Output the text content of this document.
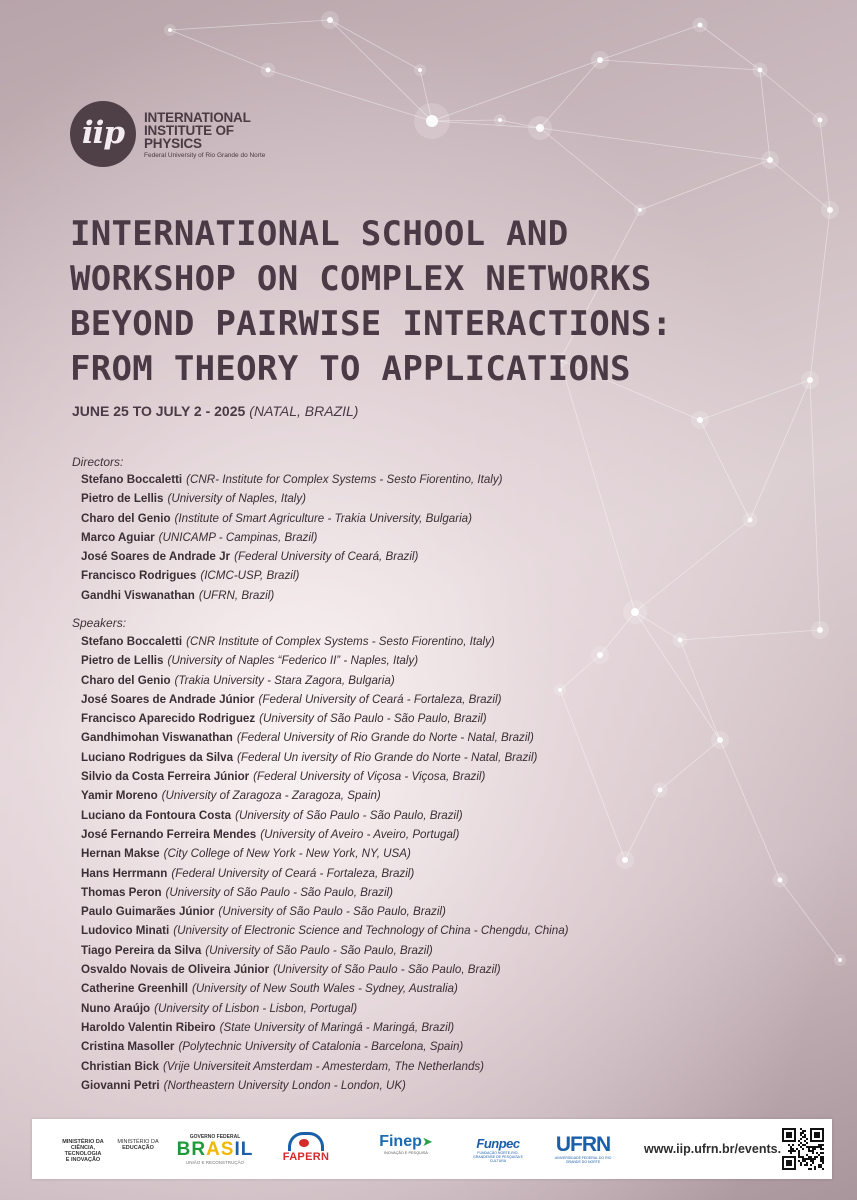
iip	INTERNATIONAL
INSTITUTE OF
PHYSICS
Federal University of Rio Grande do Norte
INTERNATIONAL SCHOOL AND
WORKSHOP ON COMPLEX NETWORKS
BEYOND PAIRWISE INTERACTIONS:
FROM THEORY TO APPLICATIONS
JUNE 25 TO JULY 2 - 2025 (NATAL, BRAZIL)
Directors:
Stefano Boccaletti (CNR- Institute for Complex Systems - Sesto Fiorentino, Italy)
Pietro de Lellis (University of Naples, Italy)
Charo del Genio (Institute of Smart Agriculture - Trakia University, Bulgaria)
Marco Aguiar (UNICAMP - Campinas, Brazil)
José Soares de Andrade Jr (Federal University of Ceará, Brazil)
Francisco Rodrigues (ICMC-USP, Brazil)
Gandhi Viswanathan (UFRN, Brazil)
Speakers:
Stefano Boccaletti (CNR Institute of Complex Systems - Sesto Fiorentino, Italy)
Pietro de Lellis (University of Naples “Federico II” - Naples, Italy)
Charo del Genio (Trakia University - Stara Zagora, Bulgaria)
José Soares de Andrade Júnior (Federal University of Ceará - Fortaleza, Brazil)
Francisco Aparecido Rodriguez (University of São Paulo - São Paulo, Brazil)
Gandhimohan Viswanathan (Federal University of Rio Grande do Norte - Natal, Brazil)
Luciano Rodrigues da Silva (Federal Un iversity of Rio Grande do Norte - Natal, Brazil)
Silvio da Costa Ferreira Júnior (Federal University of Viçosa - Viçosa, Brazil)
Yamir Moreno (University of Zaragoza - Zaragoza, Spain)
Luciano da Fontoura Costa (University of São Paulo - São Paulo, Brazil)
José Fernando Ferreira Mendes (University of Aveiro - Aveiro, Portugal)
Hernan Makse (City College of New York - New York, NY, USA)
Hans Herrmann (Federal University of Ceará - Fortaleza, Brazil)
Thomas Peron (University of São Paulo - São Paulo, Brazil)
Paulo Guimarães Júnior (University of São Paulo - São Paulo, Brazil)
Ludovico Minati (University of Electronic Science and Technology of China - Chengdu, China)
Tiago Pereira da Silva (University of São Paulo - São Paulo, Brazil)
Osvaldo Novais de Oliveira Júnior (University of São Paulo - São Paulo, Brazil)
Catherine Greenhill (University of New South Wales - Sydney, Australia)
Nuno Araújo (University of Lisbon - Lisbon, Portugal)
Haroldo Valentin Ribeiro (State University of Maringá - Maringá, Brazil)
Cristina Masoller (Polytechnic University of Catalonia - Barcelona, Spain)
Christian Bick (Vrije Universiteit Amsterdam - Amesterdam, The Netherlands)
Giovanni Petri (Northeastern University London - London, UK)
MINISTÉRIO DA
CIÊNCIA, TECNOLOGIA
E INOVAÇÃO
MINISTÉRIO DA
EDUCAÇÃO
GOVERNO FEDERAL
BRASIL
UNIÃO E RECONSTRUÇÃO	FAPERN
Finep➤
INOVAÇÃO E PESQUISA
Funpec
FUNDAÇÃO NORTE-RIO-GRANDENSE DE PESQUISA E CULTURA
UFRN
UNIVERSIDADE FEDERAL DO RIO GRANDE DO NORTE
www.iip.ufrn.br/events.
